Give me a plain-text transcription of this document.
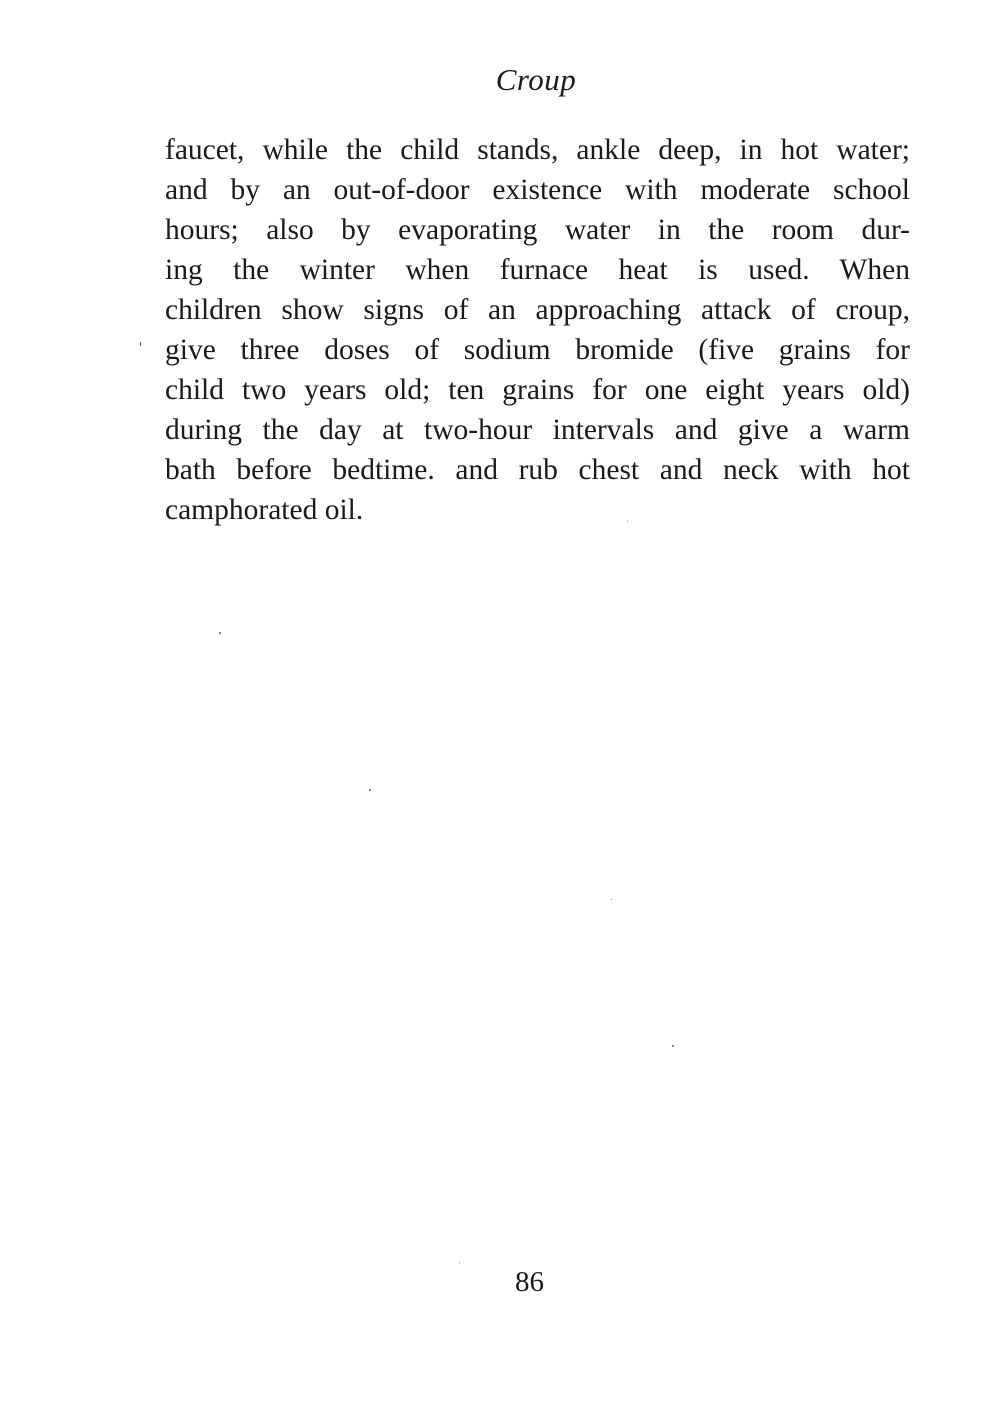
Croup
faucet, while the child stands, ankle deep, in hot water;
and by an out-of-door existence with moderate school
hours; also by evaporating water in the room dur-
ing the winter when furnace heat is used. When
children show signs of an approaching attack of croup,
give three doses of sodium bromide (five grains for
child two years old; ten grains for one eight years old)
during the day at two-hour intervals and give a warm
bath before bedtime. and rub chest and neck with hot
camphorated oil.
86
